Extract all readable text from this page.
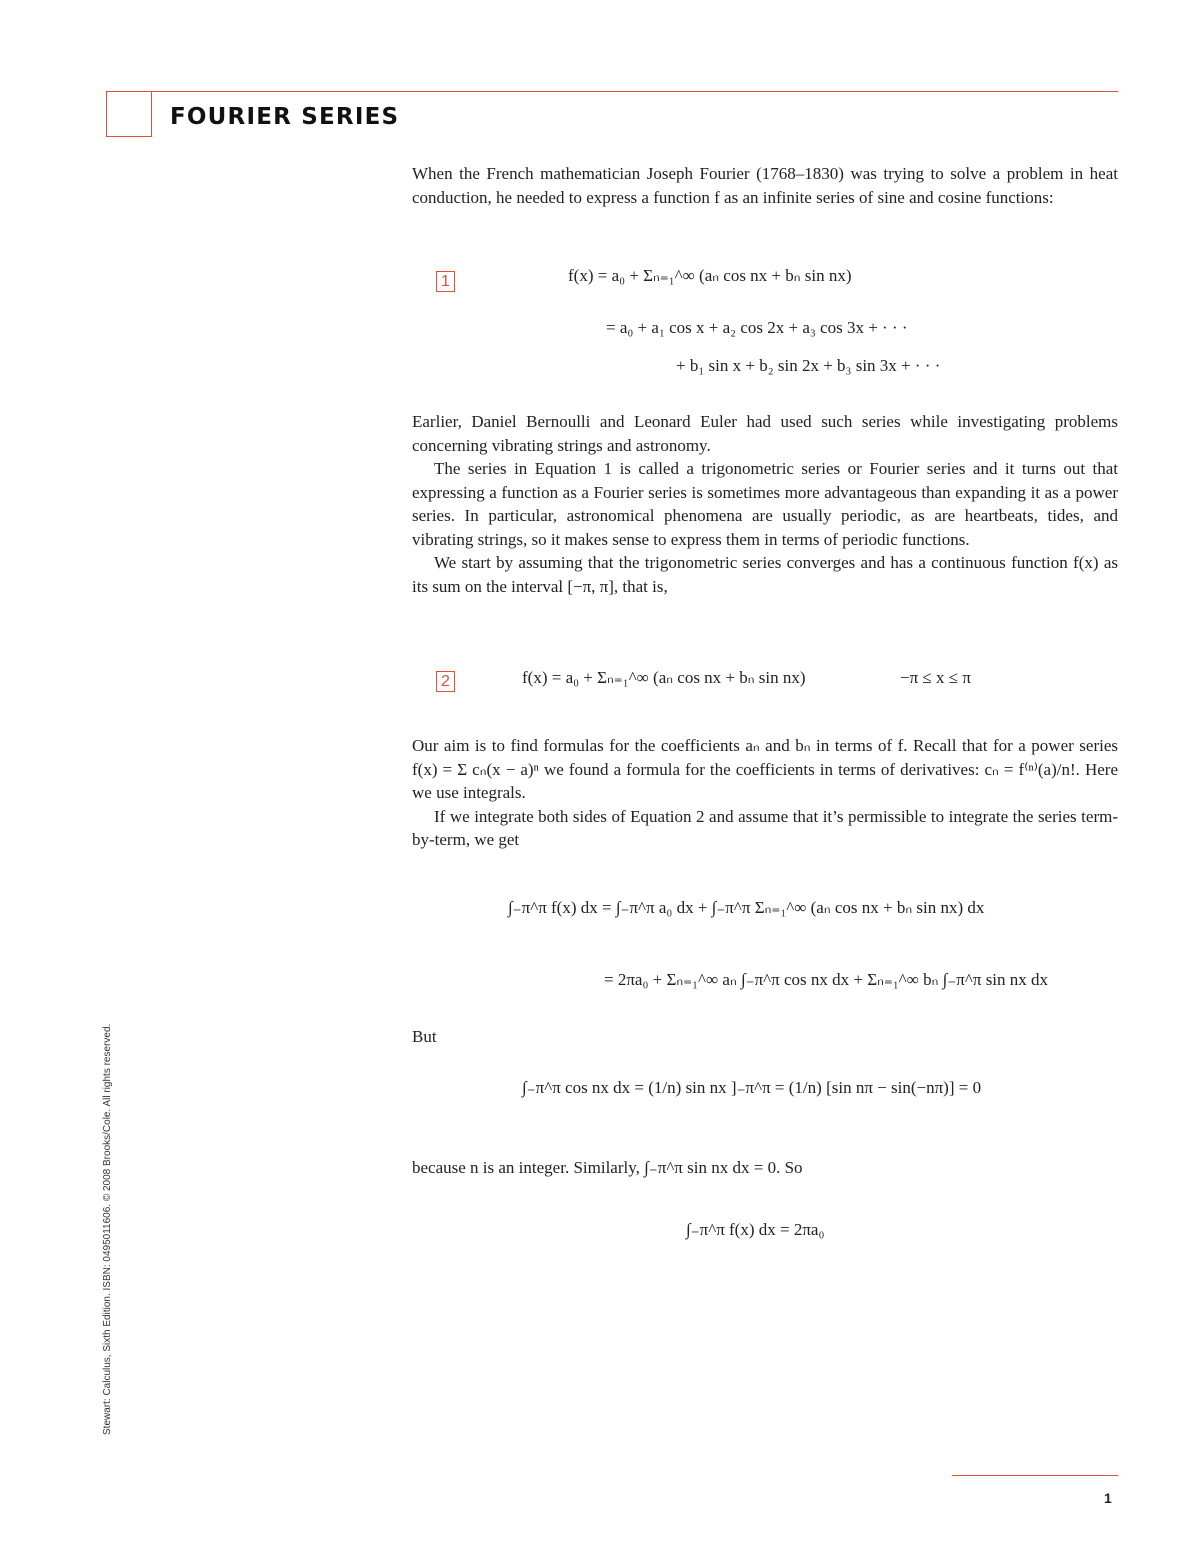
FOURIER SERIES
Stewart: Calculus, Sixth Edition. ISBN: 0495011606. © 2008 Brooks/Cole. All rights reserved.

When the French mathematician Joseph Fourier (1768–1830) was trying to solve a problem in heat conduction, he needed to express a function f as an infinite series of sine and cosine functions:

1	f(x) = a₀ + Σₙ₌₁^∞ (aₙ cos nx + bₙ sin nx)
= a₀ + a₁ cos x + a₂ cos 2x + a₃ cos 3x + · · ·
+ b₁ sin x + b₂ sin 2x + b₃ sin 3x + · · ·

Earlier, Daniel Bernoulli and Leonard Euler had used such series while investigating problems concerning vibrating strings and astronomy.

The series in Equation 1 is called a trigonometric series or Fourier series and it turns out that expressing a function as a Fourier series is sometimes more advantageous than expanding it as a power series. In particular, astronomical phenomena are usually periodic, as are heartbeats, tides, and vibrating strings, so it makes sense to express them in terms of periodic functions.

We start by assuming that the trigonometric series converges and has a continuous function f(x) as its sum on the interval [−π, π], that is,

2	f(x) = a₀ + Σₙ₌₁^∞ (aₙ cos nx + bₙ sin nx)	−π ≤ x ≤ π

Our aim is to find formulas for the coefficients aₙ and bₙ in terms of f. Recall that for a power series f(x) = Σ cₙ(x − a)ⁿ we found a formula for the coefficients in terms of derivatives: cₙ = f⁽ⁿ⁾(a)/n!. Here we use integrals.

If we integrate both sides of Equation 2 and assume that it’s permissible to integrate the series term-by-term, we get

∫₋π^π f(x) dx = ∫₋π^π a₀ dx + ∫₋π^π Σₙ₌₁^∞ (aₙ cos nx + bₙ sin nx) dx
= 2πa₀ + Σₙ₌₁^∞ aₙ ∫₋π^π cos nx dx + Σₙ₌₁^∞ bₙ ∫₋π^π sin nx dx
But
∫₋π^π cos nx dx = (1/n) sin nx ]₋π^π = (1/n) [sin nπ − sin(−nπ)] = 0
because n is an integer. Similarly, ∫₋π^π sin nx dx = 0. So
∫₋π^π f(x) dx = 2πa₀
1
